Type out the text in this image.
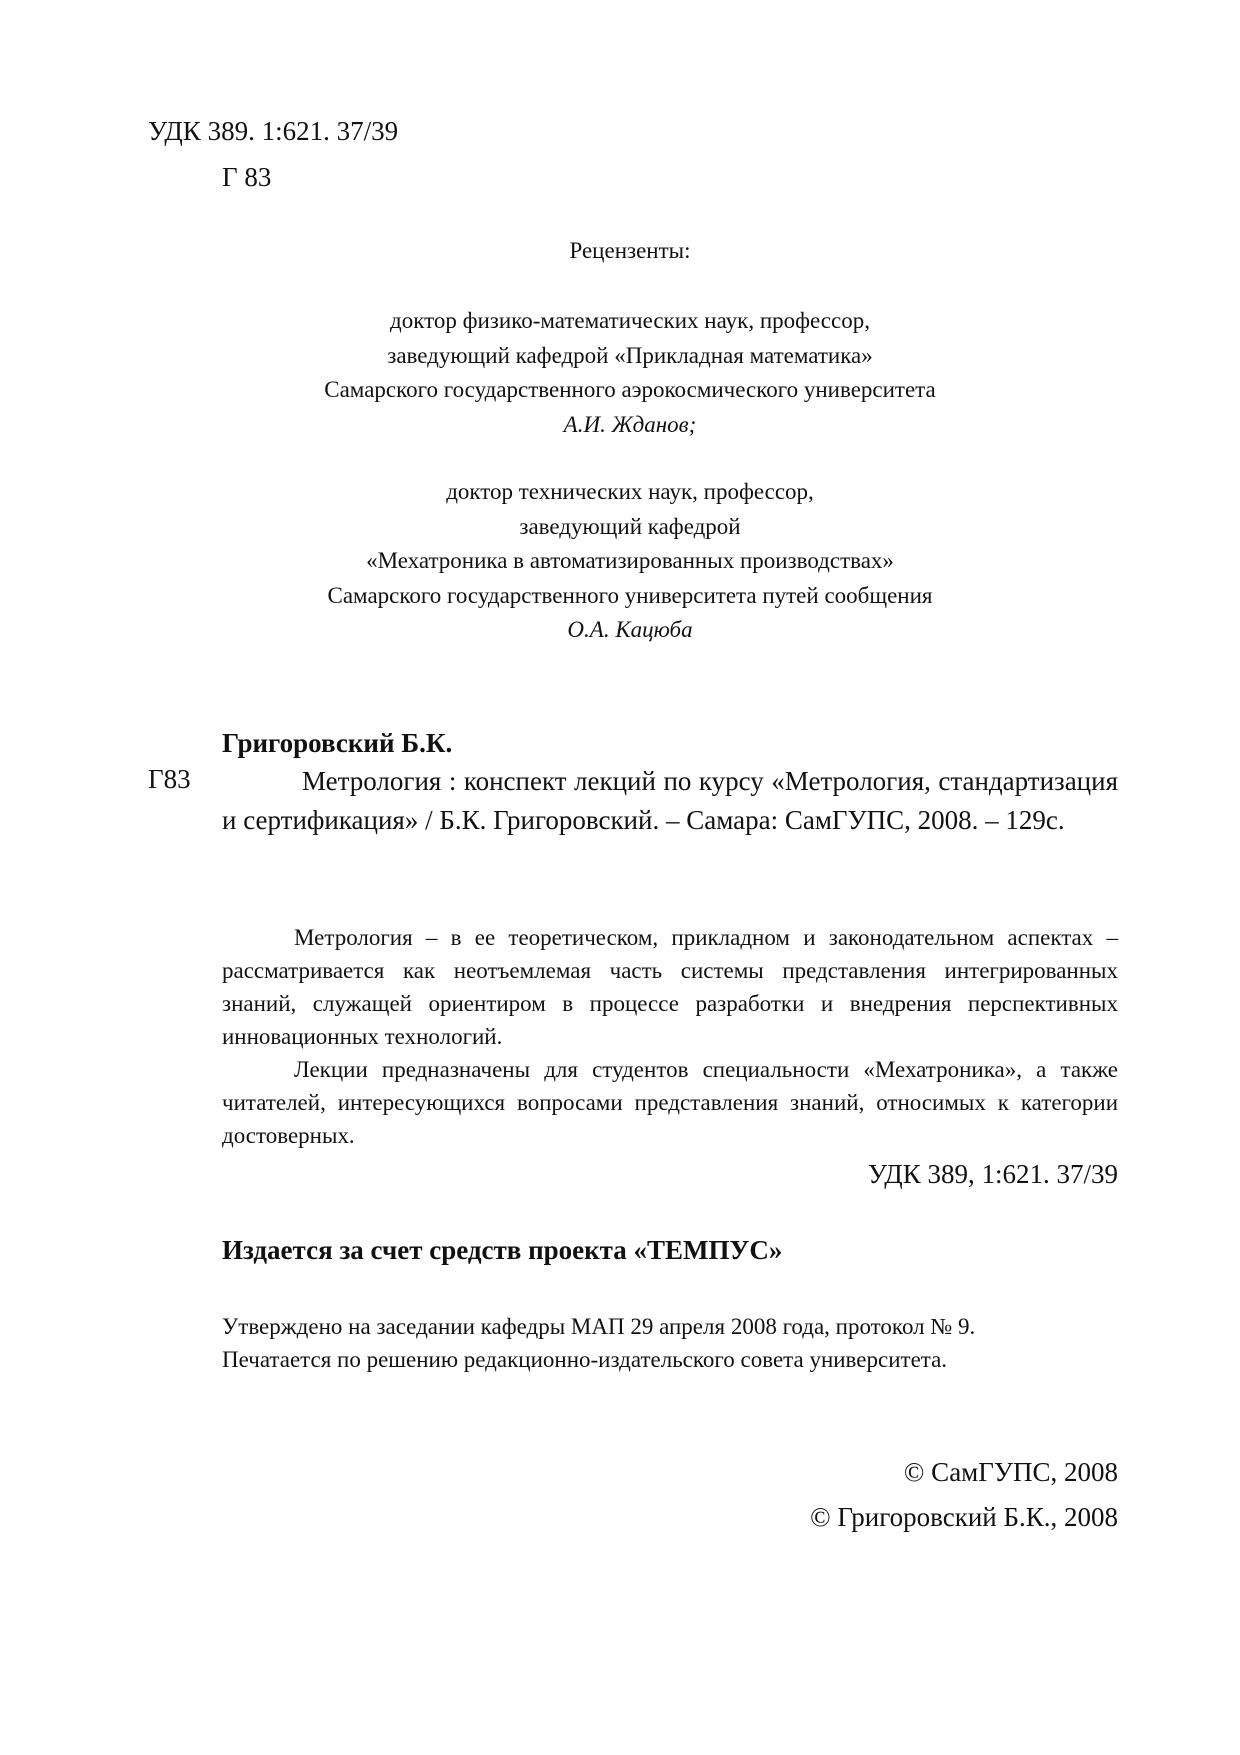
УДК 389. 1:621. 37/39
Г 83
Рецензенты:
доктор физико-математических наук, профессор,
заведующий кафедрой «Прикладная математика»
Самарского государственного аэрокосмического университета
А.И. Жданов;
доктор технических наук, профессор,
заведующий кафедрой
«Мехатроника в автоматизированных производствах»
Самарского государственного университета путей сообщения
О.А. Кацюба
Григоровский Б.К.
Г83	Метрология : конспект лекций по курсу «Метрология, стандартизация и сертификация» / Б.К. Григоровский. – Самара: СамГУПС, 2008. – 129с.

Метрология – в ее теоретическом, прикладном и законодательном аспектах – рассматривается как неотъемлемая часть системы представления интегрированных знаний, служащей ориентиром в процессе разработки и внедрения перспективных инновационных технологий.

Лекции предназначены для студентов специальности «Мехатроника», а также читателей, интересующихся вопросами представления знаний, относимых к категории достоверных.

УДК 389, 1:621. 37/39
Издается за счет средств проекта «ТЕМПУС»
Утверждено на заседании кафедры МАП 29 апреля 2008 года, протокол № 9.
Печатается по решению редакционно-издательского совета университета.
© СамГУПС, 2008
© Григоровский Б.К., 2008
